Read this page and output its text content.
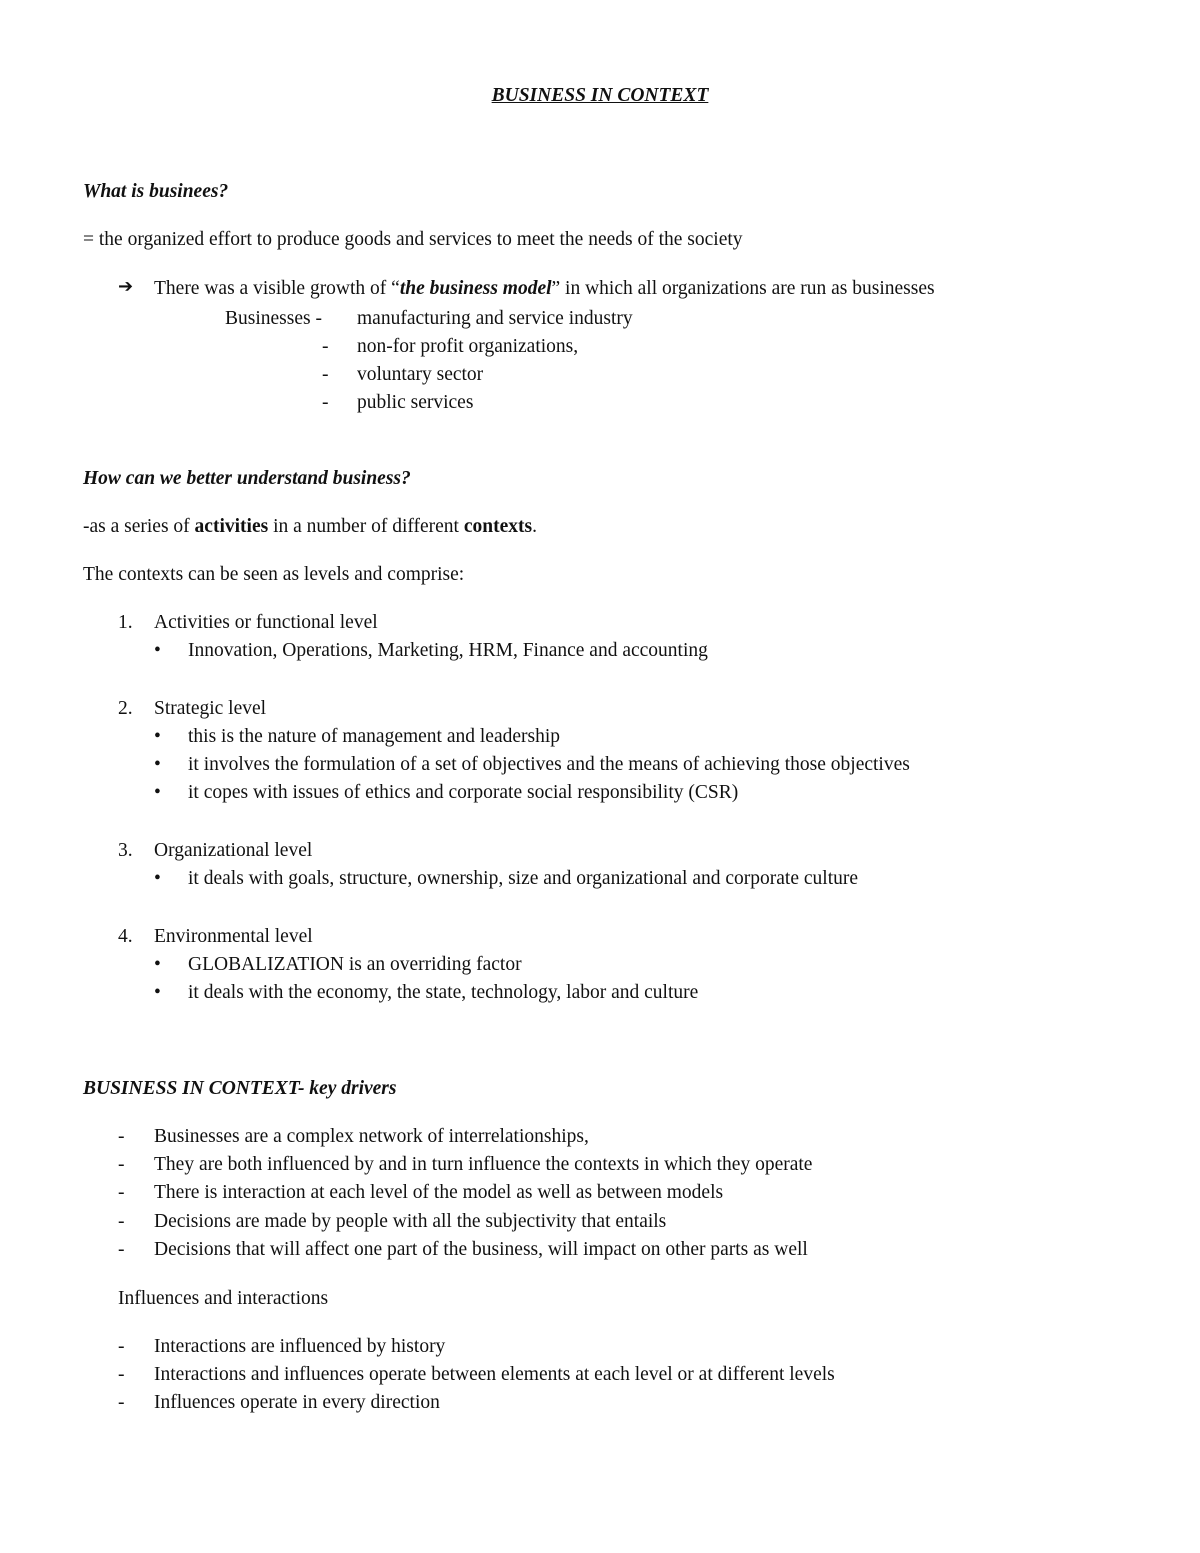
BUSINESS IN CONTEXT
What is businees?
= the organized effort to produce goods and services to meet the needs of the society
➔ There was a visible growth of “the business model” in which all organizations are run as businesses
Businesses - manufacturing and service industry
- non-for profit organizations,
- voluntary sector
- public services
How can we better understand business?
-as a series of activities in a number of different contexts.
The contexts can be seen as levels and comprise:
1. Activities or functional level
• Innovation, Operations, Marketing, HRM, Finance and accounting
2. Strategic level
• this is the nature of management and leadership
• it involves the formulation of a set of objectives and the means of achieving those objectives
• it copes with issues of ethics and corporate social responsibility (CSR)
3. Organizational level
• it deals with goals, structure, ownership, size and organizational and corporate culture
4. Environmental level
• GLOBALIZATION is an overriding factor
• it deals with the economy, the state, technology, labor and culture
BUSINESS IN CONTEXT- key drivers
- Businesses are a complex network of interrelationships,
- They are both influenced by and in turn influence the contexts in which they operate
- There is interaction at each level of the model as well as between models
- Decisions are made by people with all the subjectivity that entails
- Decisions that will affect one part of the business, will impact on other parts as well
Influences and interactions
- Interactions are influenced by history
- Interactions and influences operate between elements at each level or at different levels
- Influences operate in every direction
